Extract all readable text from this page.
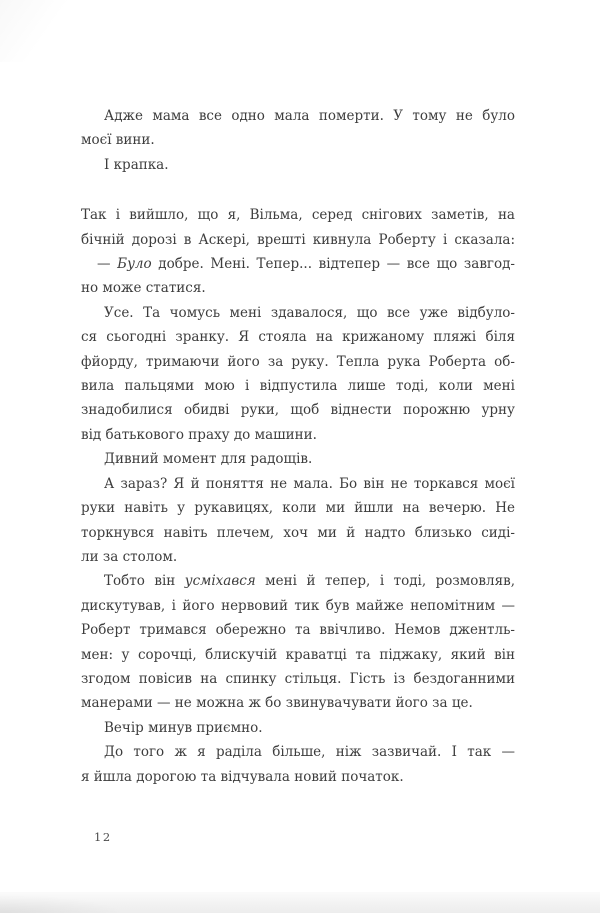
Адже мама все одно мала померти. У тому не було
моєї вини.
І крапка.
Так і вийшло, що я, Вільма, серед снігових заметів, на
бічній дорозі в Аскері, врешті кивнула Роберту і сказала:
— Було добре. Мені. Тепер... відтепер — все що завгод-
но може статися.
Усе. Та чомусь мені здавалося, що все уже відбуло-
ся сьогодні зранку. Я стояла на крижаному пляжі біля
фйорду, тримаючи його за руку. Тепла рука Роберта об-
вила пальцями мою і відпустила лише тоді, коли мені
знадобилися обидві руки, щоб віднести порожню урну
від батькового праху до машини.
Дивний момент для радощів.
А зараз? Я й поняття не мала. Бо він не торкався моєї
руки навіть у рукавицях, коли ми йшли на вечерю. Не
торкнувся навіть плечем, хоч ми й надто близько сиді-
ли за столом.
Тобто він усміхався мені й тепер, і тоді, розмовляв,
дискутував, і його нервовий тик був майже непомітним —
Роберт тримався обережно та ввічливо. Немов джентль-
мен: у сорочці, блискучій краватці та піджаку, який він
згодом повісив на спинку стільця. Гість із бездоганними
манерами — не можна ж бо звинувачувати його за це.
Вечір минув приємно.
До того ж я раділа більше, ніж зазвичай. І так —
я йшла дорогою та відчувала новий початок.
12
